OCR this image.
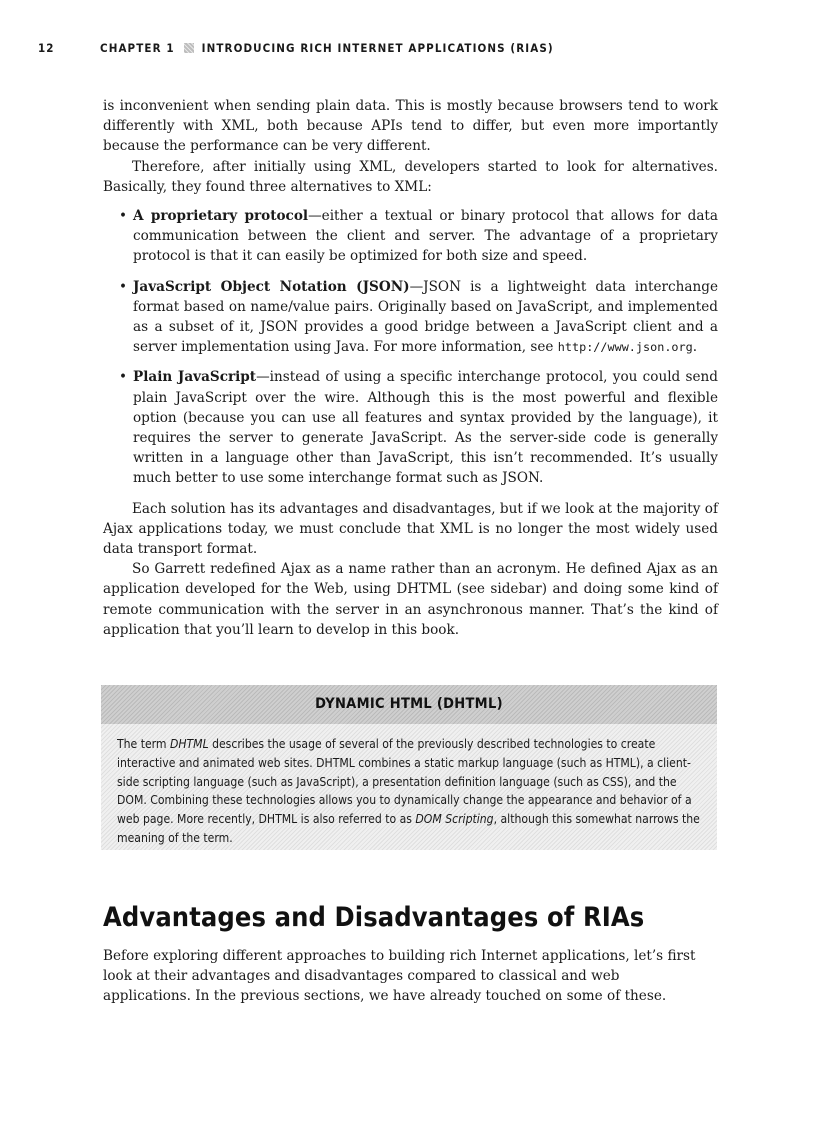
12	CHAPTER 1 INTRODUCING RICH INTERNET APPLICATIONS (RIAS)

is inconvenient when sending plain data. This is mostly because browsers tend to work differently with XML, both because APIs tend to differ, but even more importantly because the performance can be very different.

Therefore, after initially using XML, developers started to look for alternatives. Basically, they found three alternatives to XML:

• A proprietary protocol—either a textual or binary protocol that allows for data communication between the client and server. The advantage of a proprietary protocol is that it can easily be optimized for both size and speed.
• JavaScript Object Notation (JSON)—JSON is a lightweight data interchange format based on name/value pairs. Originally based on JavaScript, and implemented as a subset of it, JSON provides a good bridge between a JavaScript client and a server implementation using Java. For more information, see http://www.json.org.
• Plain JavaScript—instead of using a specific interchange protocol, you could send plain JavaScript over the wire. Although this is the most powerful and flexible option (because you can use all features and syntax provided by the language), it requires the server to generate JavaScript. As the server-side code is generally written in a language other than JavaScript, this isn’t recommended. It’s usually much better to use some interchange format such as JSON.

Each solution has its advantages and disadvantages, but if we look at the majority of Ajax applications today, we must conclude that XML is no longer the most widely used data transport format.

So Garrett redefined Ajax as a name rather than an acronym. He defined Ajax as an application developed for the Web, using DHTML (see sidebar) and doing some kind of remote communication with the server in an asynchronous manner. That’s the kind of application that you’ll learn to develop in this book.

DYNAMIC HTML (DHTML)
The term DHTML describes the usage of several of the previously described technologies to create interactive and animated web sites. DHTML combines a static markup language (such as HTML), a client-side scripting language (such as JavaScript), a presentation definition language (such as CSS), and the DOM. Combining these technologies allows you to dynamically change the appearance and behavior of a web page. More recently, DHTML is also referred to as DOM Scripting, although this somewhat narrows the meaning of the term.
Advantages and Disadvantages of RIAs

Before exploring different approaches to building rich Internet applications, let’s first look at their advantages and disadvantages compared to classical and web applications. In the previous sections, we have already touched on some of these.
